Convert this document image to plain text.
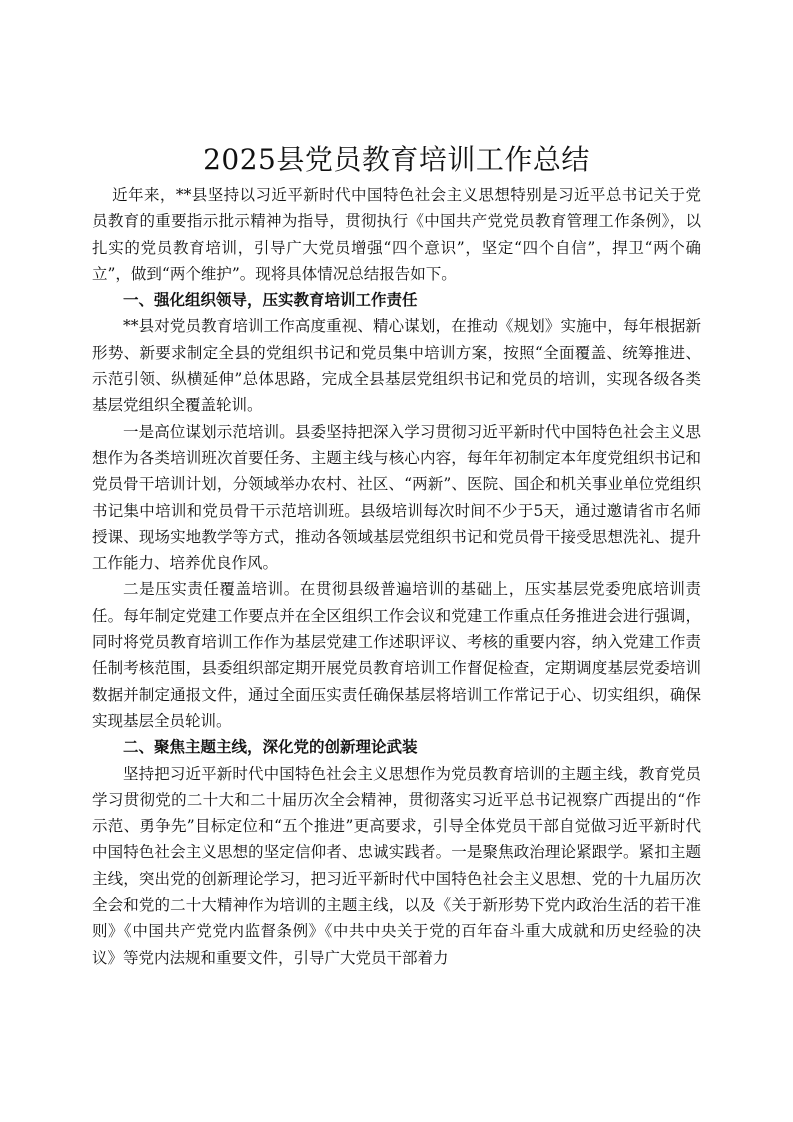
2025县党员教育培训工作总结

近年来，**县坚持以习近平新时代中国特色社会主义思想特别是习近平总书记关于党员教育的重要指示批示精神为指导，贯彻执行《中国共产党党员教育管理工作条例》，以扎实的党员教育培训，引导广大党员增强“四个意识”，坚定“四个自信”，捍卫“两个确立”，做到“两个维护”。现将具体情况总结报告如下。

一、强化组织领导，压实教育培训工作责任

**县对党员教育培训工作高度重视、精心谋划，在推动《规划》实施中，每年根据新形势、新要求制定全县的党组织书记和党员集中培训方案，按照“全面覆盖、统筹推进、示范引领、纵横延伸”总体思路，完成全县基层党组织书记和党员的培训，实现各级各类基层党组织全覆盖轮训。

一是高位谋划示范培训。县委坚持把深入学习贯彻习近平新时代中国特色社会主义思想作为各类培训班次首要任务、主题主线与核心内容，每年年初制定本年度党组织书记和党员骨干培训计划，分领域举办农村、社区、“两新”、医院、国企和机关事业单位党组织书记集中培训和党员骨干示范培训班。县级培训每次时间不少于5天，通过邀请省市名师授课、现场实地教学等方式，推动各领域基层党组织书记和党员骨干接受思想洗礼、提升工作能力、培养优良作风。

二是压实责任覆盖培训。在贯彻县级普遍培训的基础上，压实基层党委兜底培训责任。每年制定党建工作要点并在全区组织工作会议和党建工作重点任务推进会进行强调，同时将党员教育培训工作作为基层党建工作述职评议、考核的重要内容，纳入党建工作责任制考核范围，县委组织部定期开展党员教育培训工作督促检查，定期调度基层党委培训数据并制定通报文件，通过全面压实责任确保基层将培训工作常记于心、切实组织，确保实现基层全员轮训。

二、聚焦主题主线，深化党的创新理论武装

坚持把习近平新时代中国特色社会主义思想作为党员教育培训的主题主线，教育党员学习贯彻党的二十大和二十届历次全会精神，贯彻落实习近平总书记视察广西提出的“作示范、勇争先”目标定位和“五个推进”更高要求，引导全体党员干部自觉做习近平新时代中国特色社会主义思想的坚定信仰者、忠诚实践者。一是聚焦政治理论紧跟学。紧扣主题主线，突出党的创新理论学习，把习近平新时代中国特色社会主义思想、党的十九届历次全会和党的二十大精神作为培训的主题主线，以及《关于新形势下党内政治生活的若干准则》《中国共产党党内监督条例》《中共中央关于党的百年奋斗重大成就和历史经验的决议》等党内法规和重要文件，引导广大党员干部着力
